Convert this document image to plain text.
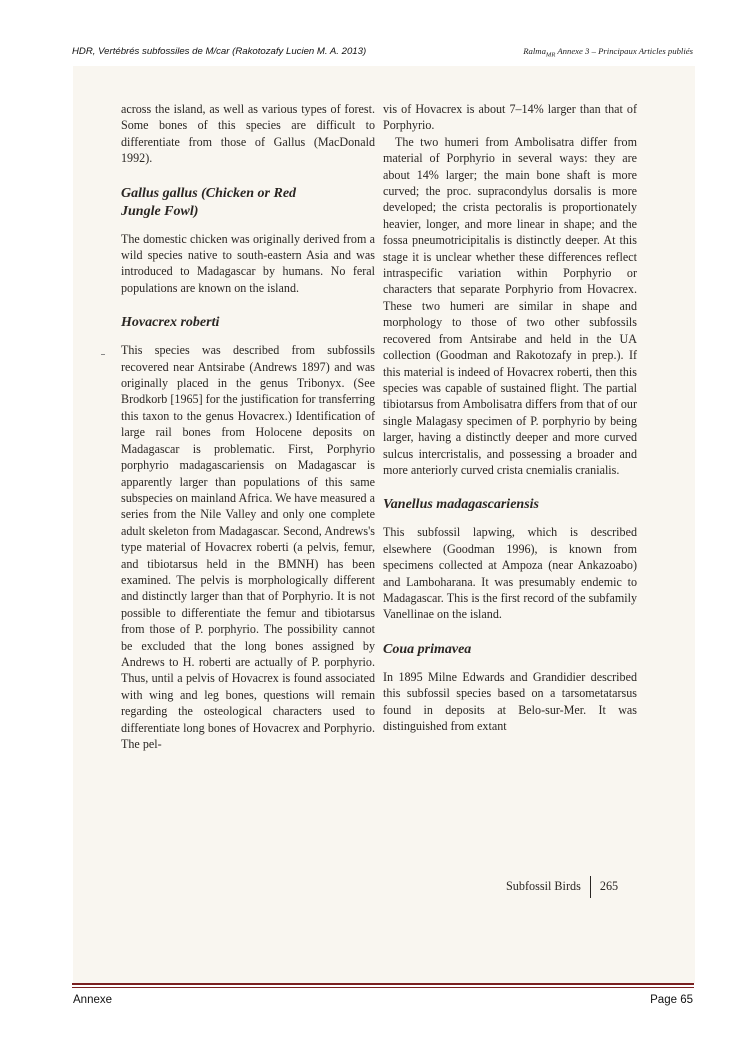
HDR, Vertébrés subfossiles de M/car (Rakotozafy Lucien M. A. 2013)	Ralma$_{MR}$ Annexe 3 – Principaux Articles publiés

across the island, as well as various types of forest. Some bones of this species are difficult to differentiate from those of Gallus (MacDonald 1992).

Gallus gallus (Chicken or Red Jungle Fowl)

The domestic chicken was originally derived from a wild species native to south-eastern Asia and was introduced to Madagascar by humans. No feral populations are known on the island.

Hovacrex roberti

This species was described from subfossils recovered near Antsirabe (Andrews 1897) and was originally placed in the genus Tribonyx. (See Brodkorb [1965] for the justification for transferring this taxon to the genus Hovacrex.) Identification of large rail bones from Holocene deposits on Madagascar is problematic. First, Porphyrio porphyrio madagascariensis on Madagascar is apparently larger than populations of this same subspecies on mainland Africa. We have measured a series from the Nile Valley and only one complete adult skeleton from Madagascar. Second, Andrews's type material of Hovacrex roberti (a pelvis, femur, and tibiotarsus held in the BMNH) has been examined. The pelvis is morphologically different and distinctly larger than that of Porphyrio. It is not possible to differentiate the femur and tibiotarsus from those of P. porphyrio. The possibility cannot be excluded that the long bones assigned by Andrews to H. roberti are actually of P. porphyrio. Thus, until a pelvis of Hovacrex is found associated with wing and leg bones, questions will remain regarding the osteological characters used to differentiate long bones of Hovacrex and Porphyrio. The pel-

vis of Hovacrex is about 7–14% larger than that of Porphyrio.

The two humeri from Ambolisatra differ from material of Porphyrio in several ways: they are about 14% larger; the main bone shaft is more curved; the proc. supracondylus dorsalis is more developed; the crista pectoralis is proportionately heavier, longer, and more linear in shape; and the fossa pneumotricipitalis is distinctly deeper. At this stage it is unclear whether these differences reflect intraspecific variation within Porphyrio or characters that separate Porphyrio from Hovacrex. These two humeri are similar in shape and morphology to those of two other subfossils recovered from Antsirabe and held in the UA collection (Goodman and Rakotozafy in prep.). If this material is indeed of Hovacrex roberti, then this species was capable of sustained flight. The partial tibiotarsus from Ambolisatra differs from that of our single Malagasy specimen of P. porphyrio by being larger, having a distinctly deeper and more curved sulcus intercristalis, and possessing a broader and more anteriorly curved crista cnemialis cranialis.

Vanellus madagascariensis

This subfossil lapwing, which is described elsewhere (Goodman 1996), is known from specimens collected at Ampoza (near Ankazoabo) and Lamboharana. It was presumably endemic to Madagascar. This is the first record of the subfamily Vanellinae on the island.

Coua primavea

In 1895 Milne Edwards and Grandidier described this subfossil species based on a tarsometatarsus found in deposits at Belo-sur-Mer. It was distinguished from extant

Subfossil Birds 265
Annexe	Page 65
